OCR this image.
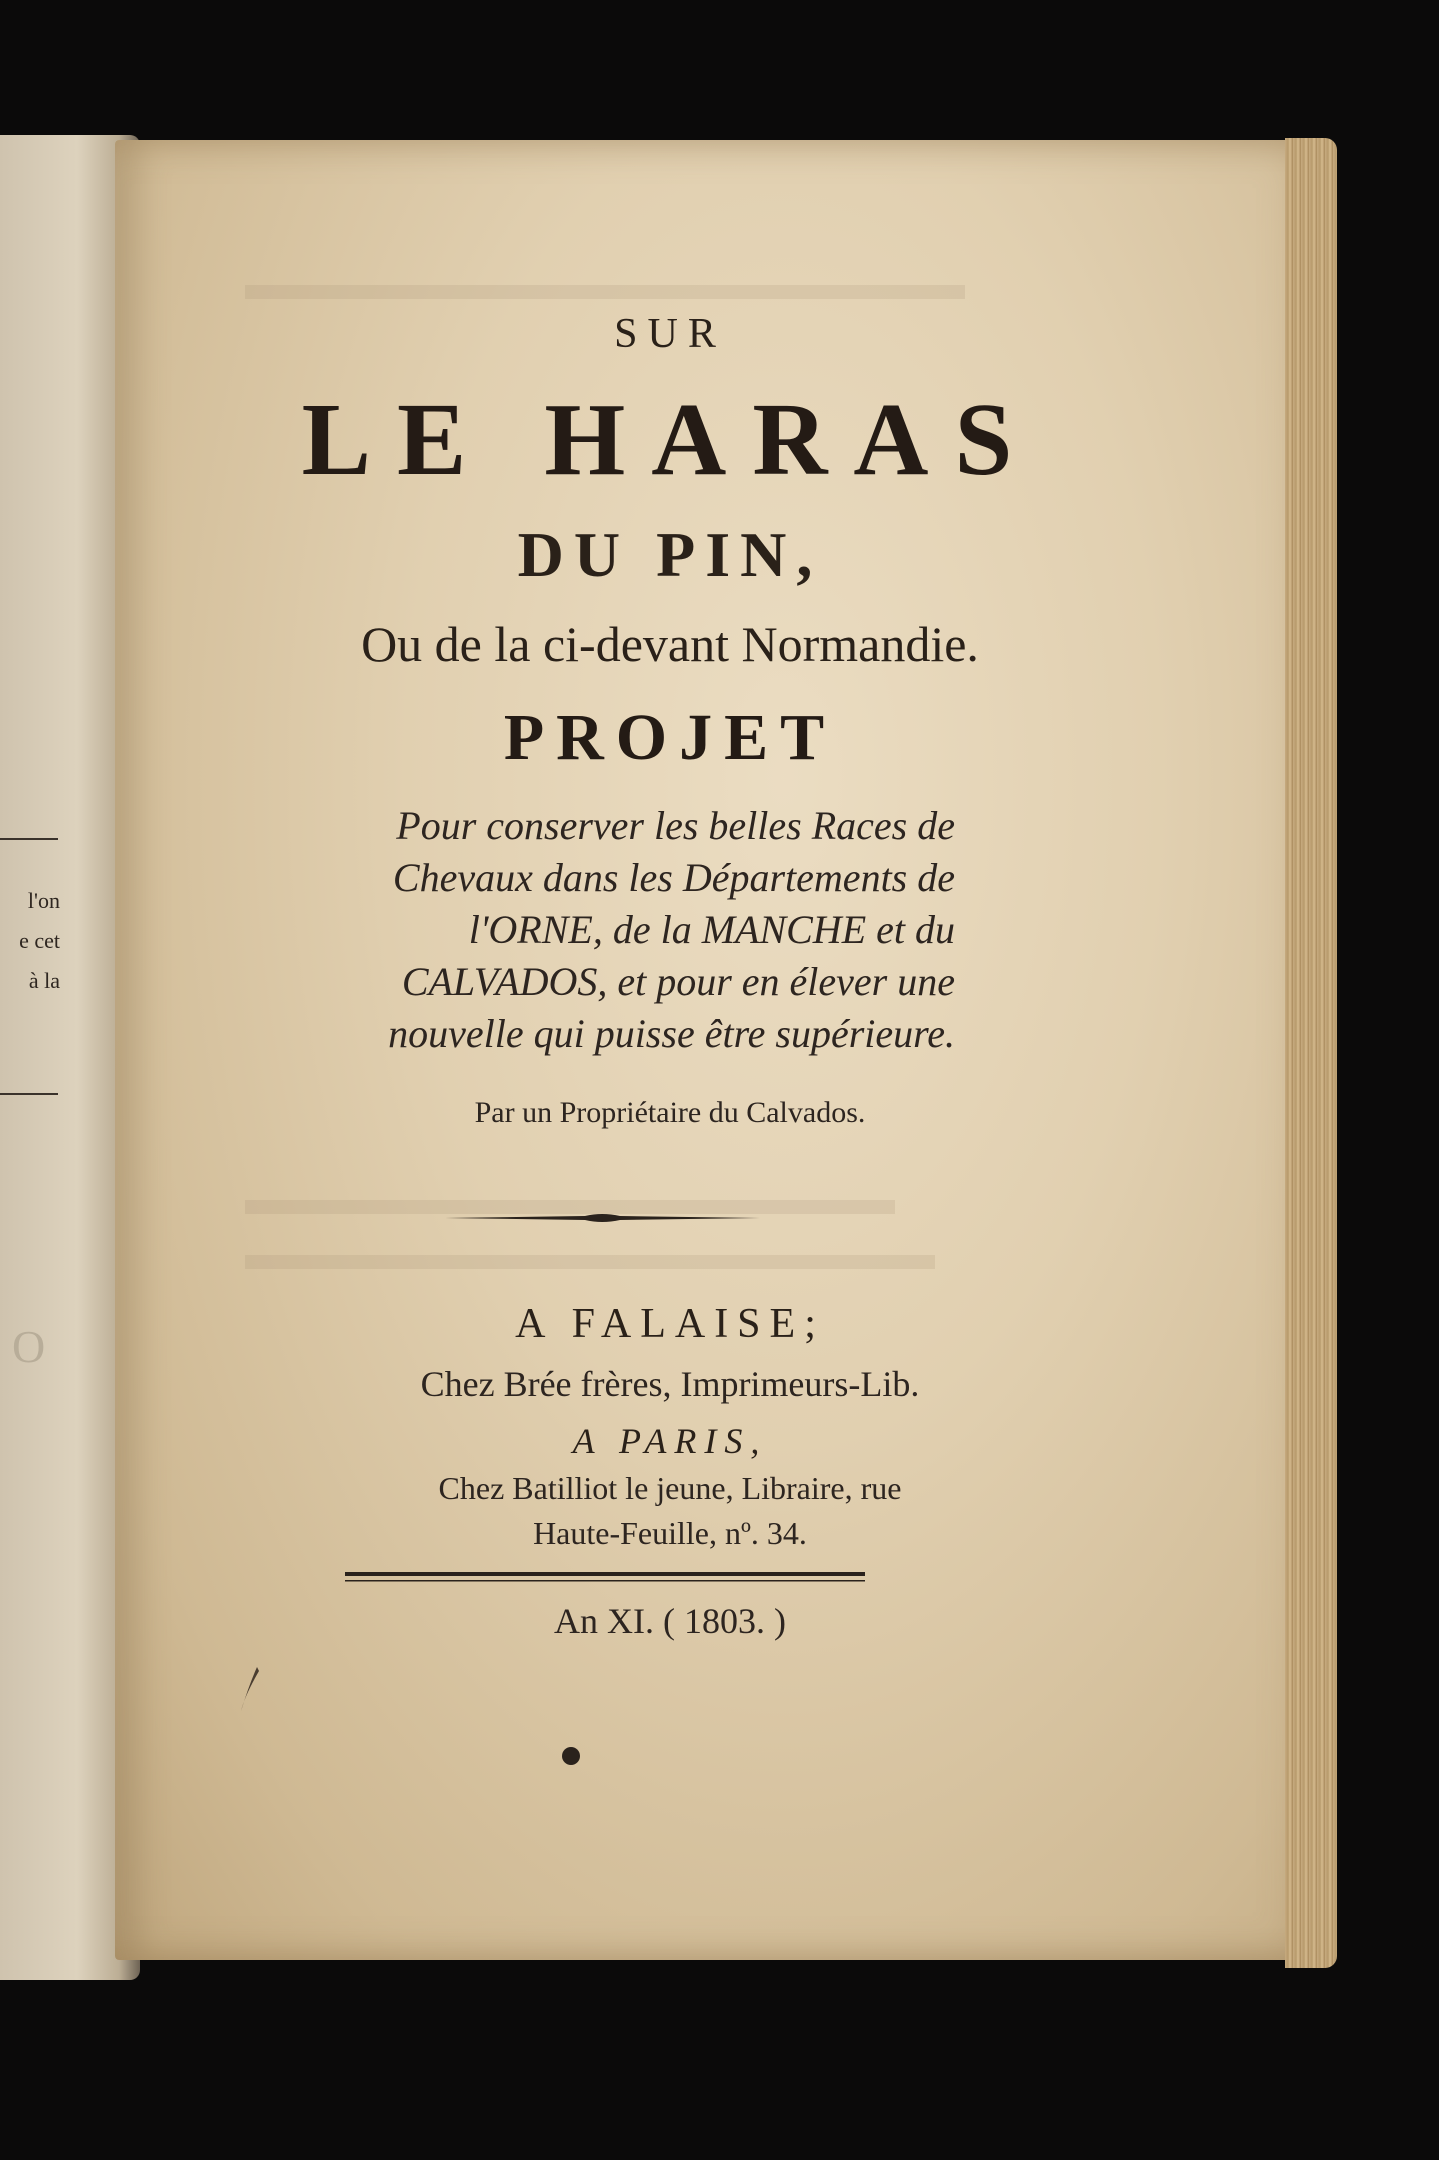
l'on
e cet
à la
O
SUR
LE HARAS
DU PIN,
Ou de la ci-devant Normandie.
PROJET
Pour conserver les belles Races de
Chevaux dans les Départements de
l'ORNE, de la MANCHE et du
CALVADOS, et pour en élever une
nouvelle qui puisse être supérieure.
Par un Propriétaire du Calvados.
A FALAISE;
Chez Brée frères, Imprimeurs-Lib.
A PARIS,
Chez Batilliot le jeune, Libraire, rue
Haute-Feuille, nº. 34.
An XI. ( 1803. )
